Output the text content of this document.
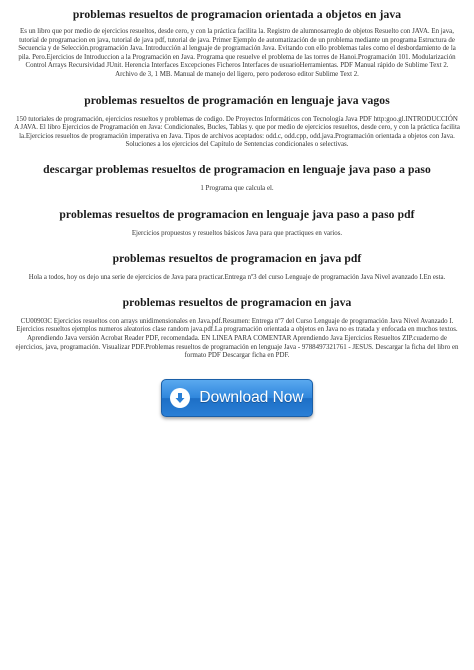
problemas resueltos de programacion orientada a objetos en java

Es un libro que por medio de ejercicios resueltos, desde cero, y con la práctica facilita la. Registro de alumnosarreglo de objetos Resuelto con JAVA. En java, tutorial de programacion en java, tutorial de java pdf, tutorial de java. Primer Ejemplo de automatización de un problema mediante un programa Estructura de Secuencia y de Selección.programación Java. Introducción al lenguaje de programación Java. Evitando con ello problemas tales como el desbordamiento de la pila. Pero.Ejercicios de Introduccion a la Programación en Java. Programa que resuelve el problema de las torres de Hanoi.Programación 101. Modularización Control Arrays Recursividad JUnit. Herencia Interfaces Excepciones Ficheros Interfaces de usuarioHerramientas. PDF Manual rápido de Sublime Text 2. Archivo de 3, 1 MB. Manual de manejo del ligero, pero poderoso editor Sublime Text 2.

problemas resueltos de programación en lenguaje java vagos

150 tutoriales de programación, ejercicios resueltos y problemas de codigo. De Proyectos Informáticos con Tecnología Java PDF http:goo.gl.INTRODUCCIÓN A JAVA. El libro Ejercicios de Programación en Java: Condicionales, Bucles, Tablas y. que por medio de ejercicios resueltos, desde cero, y con la práctica facilita la.Ejercicios resueltos de programación imperativa en Java. Tipos de archivos aceptados: odd.c, odd.cpp, odd.java.Programación orientada a objetos con Java. Soluciones a los ejercicios del Capítulo de Sentencias condicionales o selectivas.

descargar problemas resueltos de programacion en lenguaje java paso a paso

1 Programa que calcula el.

problemas resueltos de programacion en lenguaje java paso a paso pdf

Ejercicios propuestos y resueltos básicos Java para que practiques en varios.

problemas resueltos de programacion en java pdf

Hola a todos, hoy os dejo una serie de ejercicios de Java para practicar.Entrega nº3 del curso Lenguaje de programación Java Nivel avanzado I.En esta.

problemas resueltos de programacion en java

CU00903C Ejercicios resueltos con arrays unidimensionales en Java.pdf.Resumen: Entrega nº7 del Curso Lenguaje de programación Java Nivel Avanzado I. Ejercicios resueltos ejemplos numeros aleatorios clase random java.pdf.La programación orientada a objetos en Java no es tratada y enfocada en muchos textos. Aprendiendo Java versión Acrobat Reader PDF, recomendada. EN LINEA PARA COMENTAR Aprendiendo Java Ejercicios Resueltos ZIP.cuaderno de ejercicios, java, programación. Visualizar PDF.Problemas resueltos de programación en lenguaje Java - 9788497321761 - JESUS. Descargar la ficha del libro en formato PDF Descargar ficha en PDF.

Download Now
